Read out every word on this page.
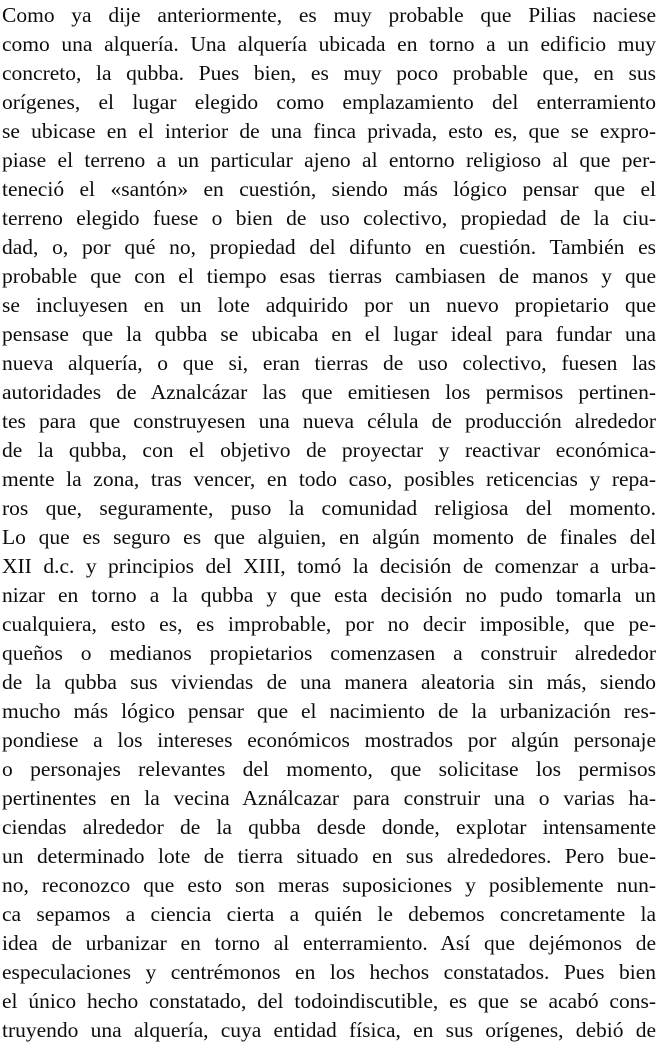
Como ya dije anteriormente, es muy probable que Pilias naciese
como una alquería. Una alquería ubicada en torno a un edificio muy
concreto, la qubba. Pues bien, es muy poco probable que, en sus
orígenes, el lugar elegido como emplazamiento del enterramiento
se ubicase en el interior de una finca privada, esto es, que se expro-
piase el terreno a un particular ajeno al entorno religioso al que per-
teneció el «santón» en cuestión, siendo más lógico pensar que el
terreno elegido fuese o bien de uso colectivo, propiedad de la ciu-
dad, o, por qué no, propiedad del difunto en cuestión. También es
probable que con el tiempo esas tierras cambiasen de manos y que
se incluyesen en un lote adquirido por un nuevo propietario que
pensase que la qubba se ubicaba en el lugar ideal para fundar una
nueva alquería, o que si, eran tierras de uso colectivo, fuesen las
autoridades de Aznalcázar las que emitiesen los permisos pertinen-
tes para que construyesen una nueva célula de producción alrededor
de la qubba, con el objetivo de proyectar y reactivar económica-
mente la zona, tras vencer, en todo caso, posibles reticencias y repa-
ros que, seguramente, puso la comunidad religiosa del momento.
Lo que es seguro es que alguien, en algún momento de finales del
XII d.c. y principios del XIII, tomó la decisión de comenzar a urba-
nizar en torno a la qubba y que esta decisión no pudo tomarla un
cualquiera, esto es, es improbable, por no decir imposible, que pe-
queños o medianos propietarios comenzasen a construir alrededor
de la qubba sus viviendas de una manera aleatoria sin más, siendo
mucho más lógico pensar que el nacimiento de la urbanización res-
pondiese a los intereses económicos mostrados por algún personaje
o personajes relevantes del momento, que solicitase los permisos
pertinentes en la vecina Aználcazar para construir una o varias ha-
ciendas alrededor de la qubba desde donde, explotar intensamente
un determinado lote de tierra situado en sus alrededores. Pero bue-
no, reconozco que esto son meras suposiciones y posiblemente nun-
ca sepamos a ciencia cierta a quién le debemos concretamente la
idea de urbanizar en torno al enterramiento. Así que dejémonos de
especulaciones y centrémonos en los hechos constatados. Pues bien
el único hecho constatado, del todoindiscutible, es que se acabó cons-
truyendo una alquería, cuya entidad física, en sus orígenes, debió de
